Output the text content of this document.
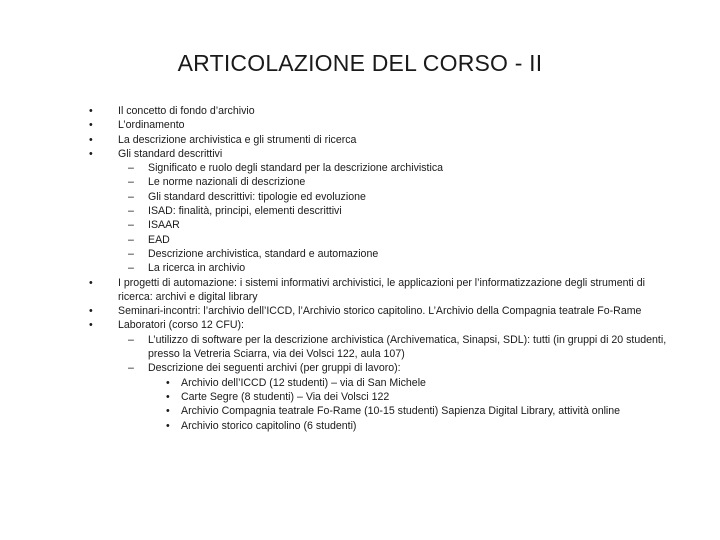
ARTICOLAZIONE DEL CORSO - II
• Il concetto di fondo d’archivio
• L’ordinamento
• La descrizione archivistica e gli strumenti di ricerca
• Gli standard descrittivi
– Significato e ruolo degli standard per la descrizione archivistica
– Le norme nazionali di descrizione
– Gli standard descrittivi: tipologie ed evoluzione
– ISAD: finalità, principi, elementi descrittivi
– ISAAR
– EAD
– Descrizione archivistica, standard e automazione
– La ricerca in archivio
• I progetti di automazione: i sistemi informativi archivistici, le applicazioni per l’informatizzazione degli strumenti di ricerca: archivi e digital library
• Seminari-incontri: l’archivio dell’ICCD, l’Archivio storico capitolino. L’Archivio della Compagnia teatrale Fo-Rame
• Laboratori (corso 12 CFU):
– L’utilizzo di software per la descrizione archivistica (Archivematica, Sinapsi, SDL): tutti (in gruppi di 20 studenti, presso la Vetreria Sciarra, via dei Volsci 122, aula 107)
– Descrizione dei seguenti archivi (per gruppi di lavoro):
• Archivio dell’ICCD (12 studenti) – via di San Michele
• Carte Segre (8 studenti) – Via dei Volsci 122
• Archivio Compagnia teatrale Fo-Rame (10-15 studenti) Sapienza Digital Library, attività online
• Archivio storico capitolino (6 studenti)
